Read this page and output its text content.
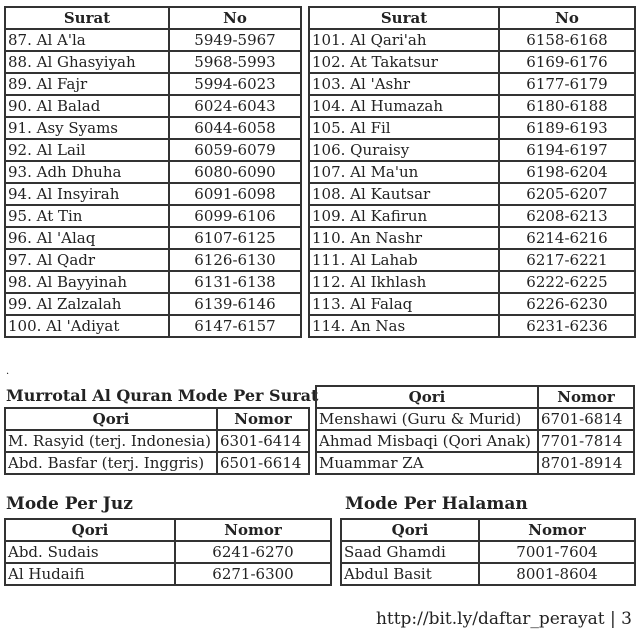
Surat	No
87. Al A'la	5949-5967
88. Al Ghasyiyah	5968-5993
89. Al Fajr	5994-6023
90. Al Balad	6024-6043
91. Asy Syams	6044-6058
92. Al Lail	6059-6079
93. Adh Dhuha	6080-6090
94. Al Insyirah	6091-6098
95. At Tin	6099-6106
96. Al 'Alaq	6107-6125
97. Al Qadr	6126-6130
98. Al Bayyinah	6131-6138
99. Al Zalzalah	6139-6146
100. Al 'Adiyat	6147-6157
Surat	No
101. Al Qari'ah	6158-6168
102. At Takatsur	6169-6176
103. Al 'Ashr	6177-6179
104. Al Humazah	6180-6188
105. Al Fil	6189-6193
106. Quraisy	6194-6197
107. Al Ma'un	6198-6204
108. Al Kautsar	6205-6207
109. Al Kafirun	6208-6213
110. An Nashr	6214-6216
111. Al Lahab	6217-6221
112. Al Ikhlash	6222-6225
113. Al Falaq	6226-6230
114. An Nas	6231-6236
·
Murrotal Al Quran Mode Per Surat
Qori	Nomor
M. Rasyid (terj. Indonesia)	6301-6414
Abd. Basfar (terj. Inggris)	6501-6614
Qori	Nomor
Menshawi (Guru & Murid)	6701-6814
Ahmad Misbaqi (Qori Anak)	7701-7814
Muammar ZA	8701-8914
Mode Per Juz
Qori	Nomor
Abd. Sudais	6241-6270
Al Hudaifi	6271-6300
Mode Per Halaman
Qori	Nomor
Saad Ghamdi	7001-7604
Abdul Basit	8001-8604
http://bit.ly/daftar_perayat | 3
